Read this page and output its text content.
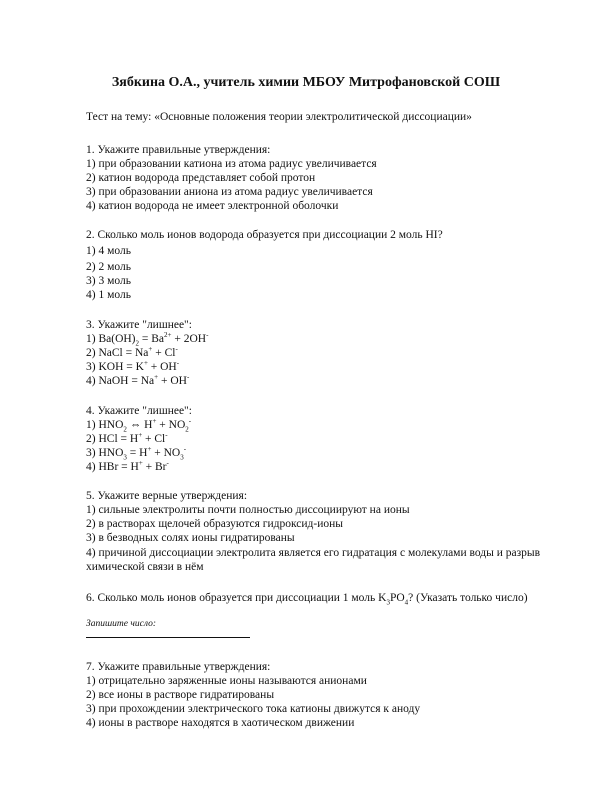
Зябкина О.А., учитель химии МБОУ Митрофановской СОШ
Тест на тему: «Основные положения теории электролитической диссоциации»
1. Укажите правильные утверждения:
1) при образовании катиона из атома радиус увеличивается
2) катион водорода представляет собой протон
3) при образовании аниона из атома радиус увеличивается
4) катион водорода не имеет электронной оболочки
2. Сколько моль ионов водорода образуется при диссоциации 2 моль HI?
1) 4 моль
2) 2 моль
3) 3 моль
4) 1 моль
3. Укажите "лишнее":
1) $Ba(OH)_2 = Ba^{2+} + 2OH^-$
2) NaCl = Na+ + Cl-
3) KOH = K+ + OH-
4) NaOH = Na+ + OH-
4. Укажите "лишнее":
1) $HNO_2$ ⇔ $H^+ + NO_2^-$
2) HCl = H+ + Cl-
3) $HNO_3 = H^+ + NO_3^-$
4) HBr = H+ + Br-
5. Укажите верные утверждения:
1) сильные электролиты почти полностью диссоциируют на ионы
2) в растворах щелочей образуются гидроксид-ионы
3) в безводных солях ионы гидратированы
4) причиной диссоциации электролита является его гидратация с молекулами воды и разрыв
химической связи в нём
6. Сколько моль ионов образуется при диссоциации 1 моль $K_3PO_4$? (Указать только число)
Запишите число:
7. Укажите правильные утверждения:
1) отрицательно заряженные ионы называются анионами
2) все ионы в растворе гидратированы
3) при прохождении электрического тока катионы движутся к аноду
4) ионы в растворе находятся в хаотическом движении
